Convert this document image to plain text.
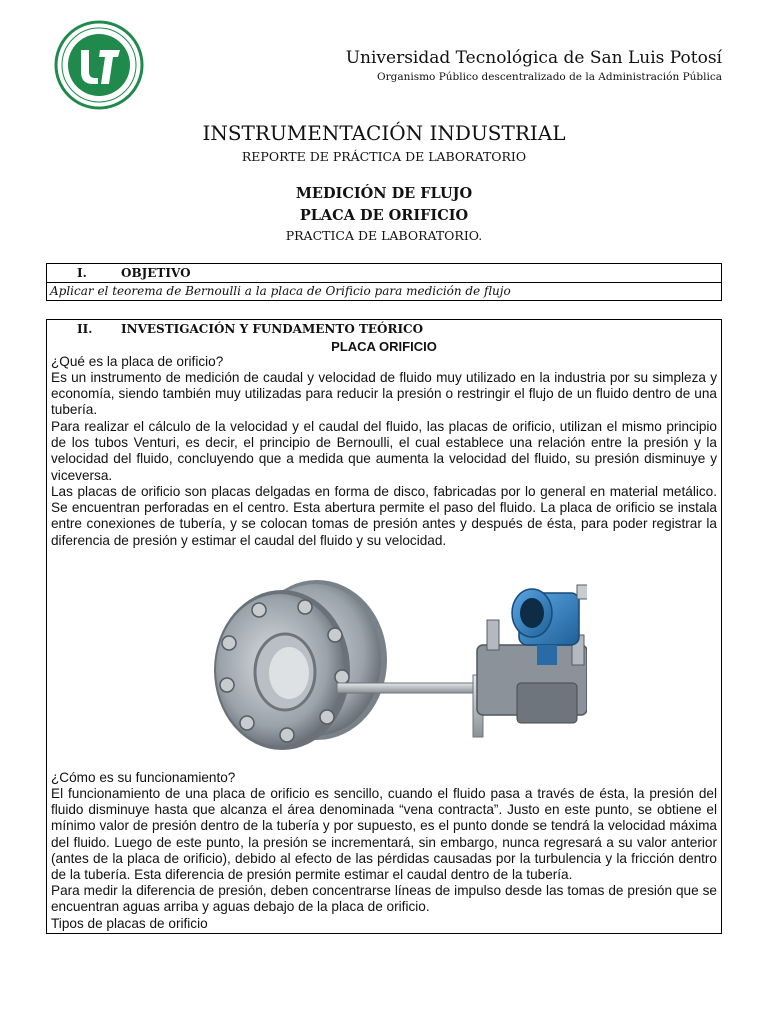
Universidad Tecnológica de San Luis Potosí
Organismo Público descentralizado de la Administración Pública
INSTRUMENTACIÓN INDUSTRIAL
REPORTE DE PRÁCTICA DE LABORATORIO
MEDICIÓN DE FLUJO
PLACA DE ORIFICIO
PRACTICA DE LABORATORIO.
I.	OBJETIVO
Aplicar el teorema de Bernoulli a la placa de Orificio para medición de flujo
II. INVESTIGACIÓN Y FUNDAMENTO TEÓRICO
PLACA ORIFICIO

¿Qué es la placa de orificio?

Es un instrumento de medición de caudal y velocidad de fluido muy utilizado en la industria por su simpleza y economía, siendo también muy utilizadas para reducir la presión o restringir el flujo de un fluido dentro de una tubería.

Para realizar el cálculo de la velocidad y el caudal del fluido, las placas de orificio, utilizan el mismo principio de los tubos Venturi, es decir, el principio de Bernoulli, el cual establece una relación entre la presión y la velocidad del fluido, concluyendo que a medida que aumenta la velocidad del fluido, su presión disminuye y viceversa.

Las placas de orificio son placas delgadas en forma de disco, fabricadas por lo general en material metálico. Se encuentran perforadas en el centro. Esta abertura permite el paso del fluido. La placa de orificio se instala entre conexiones de tubería, y se colocan tomas de presión antes y después de ésta, para poder registrar la diferencia de presión y estimar el caudal del fluido y su velocidad.

¿Cómo es su funcionamiento?

El funcionamiento de una placa de orificio es sencillo, cuando el fluido pasa a través de ésta, la presión del fluido disminuye hasta que alcanza el área denominada “vena contracta”. Justo en este punto, se obtiene el mínimo valor de presión dentro de la tubería y por supuesto, es el punto donde se tendrá la velocidad máxima del fluido. Luego de este punto, la presión se incrementará, sin embargo, nunca regresará a su valor anterior (antes de la placa de orificio), debido al efecto de las pérdidas causadas por la turbulencia y la fricción dentro de la tubería. Esta diferencia de presión permite estimar el caudal dentro de la tubería.

Para medir la diferencia de presión, deben concentrarse líneas de impulso desde las tomas de presión que se encuentran aguas arriba y aguas debajo de la placa de orificio.

Tipos de placas de orificio
